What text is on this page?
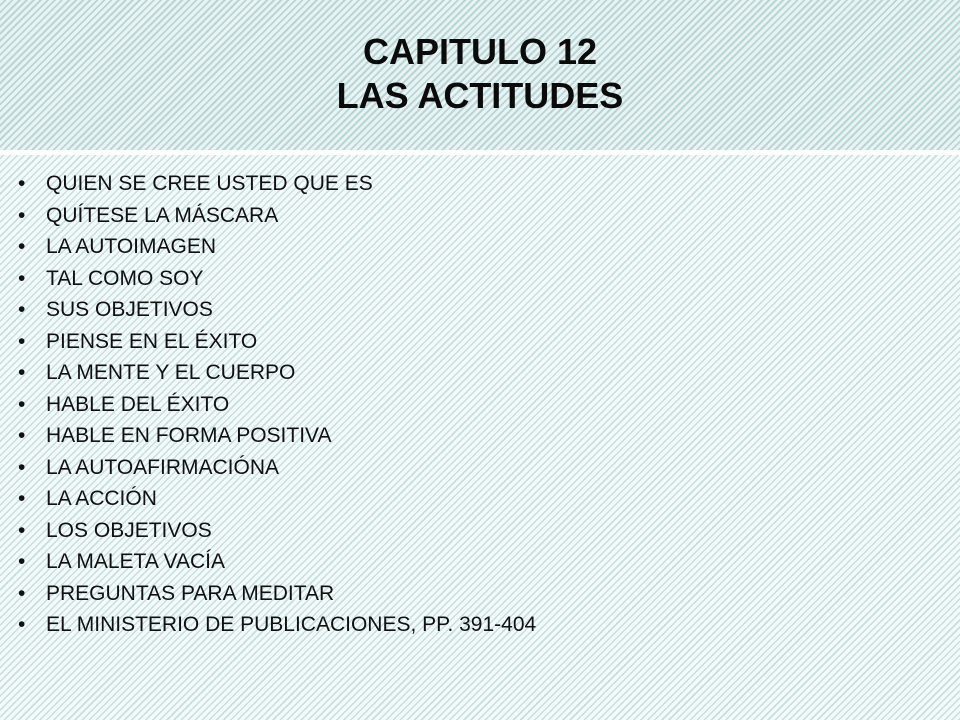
CAPITULO 12
LAS ACTITUDES
• QUIEN SE CREE USTED QUE ES
• QUÍTESE LA MÁSCARA
• LA AUTOIMAGEN
• TAL COMO SOY
• SUS OBJETIVOS
• PIENSE EN EL ÉXITO
• LA MENTE Y EL CUERPO
• HABLE DEL ÉXITO
• HABLE EN FORMA POSITIVA
• LA AUTOAFIRMACIÓNA
• LA ACCIÓN
• LOS OBJETIVOS
• LA MALETA VACÍA
• PREGUNTAS PARA MEDITAR
• EL MINISTERIO DE PUBLICACIONES, PP. 391-404
